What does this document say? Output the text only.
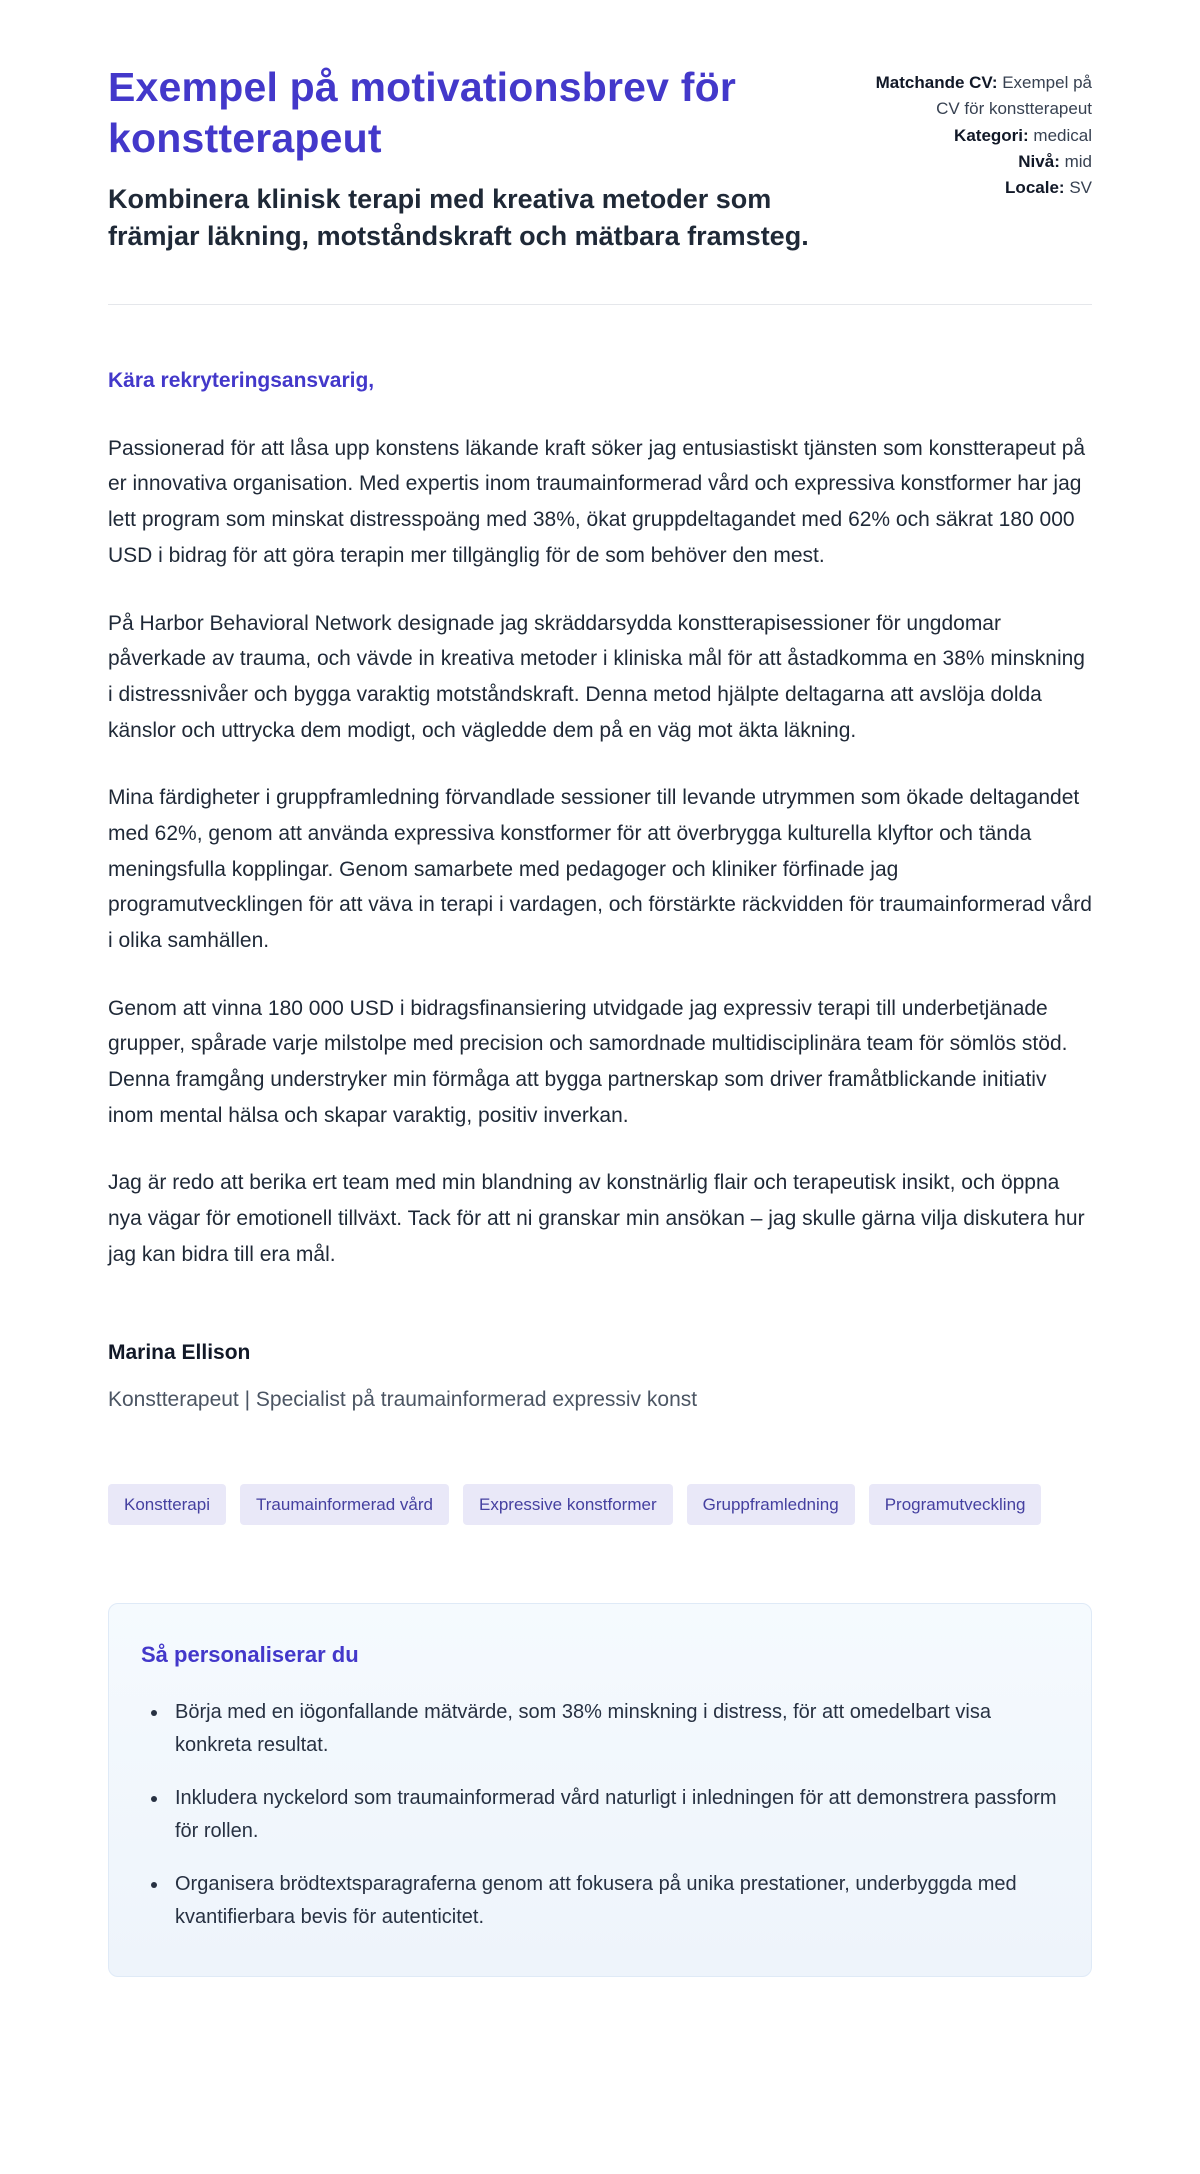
Exempel på motivationsbrev för konstterapeut
Kombinera klinisk terapi med kreativa metoder som främjar läkning, motståndskraft och mätbara framsteg.
Matchande CV: Exempel på CV för konstterapeut
Kategori: medical
Nivå: mid
Locale: SV

Kära rekryteringsansvarig,

Passionerad för att låsa upp konstens läkande kraft söker jag entusiastiskt tjänsten som konstterapeut på er innovativa organisation. Med expertis inom traumainformerad vård och expressiva konstformer har jag lett program som minskat distresspoäng med 38%, ökat gruppdeltagandet med 62% och säkrat 180 000 USD i bidrag för att göra terapin mer tillgänglig för de som behöver den mest.

På Harbor Behavioral Network designade jag skräddarsydda konstterapisessioner för ungdomar påverkade av trauma, och vävde in kreativa metoder i kliniska mål för att åstadkomma en 38% minskning i distressnivåer och bygga varaktig motståndskraft. Denna metod hjälpte deltagarna att avslöja dolda känslor och uttrycka dem modigt, och vägledde dem på en väg mot äkta läkning.

Mina färdigheter i gruppframledning förvandlade sessioner till levande utrymmen som ökade deltagandet med 62%, genom att använda expressiva konstformer för att överbrygga kulturella klyftor och tända meningsfulla kopplingar. Genom samarbete med pedagoger och kliniker förfinade jag programutvecklingen för att väva in terapi i vardagen, och förstärkte räckvidden för traumainformerad vård i olika samhällen.

Genom att vinna 180 000 USD i bidragsfinansiering utvidgade jag expressiv terapi till underbetjänade grupper, spårade varje milstolpe med precision och samordnade multidisciplinära team för sömlös stöd. Denna framgång understryker min förmåga att bygga partnerskap som driver framåtblickande initiativ inom mental hälsa och skapar varaktig, positiv inverkan.

Jag är redo att berika ert team med min blandning av konstnärlig flair och terapeutisk insikt, och öppna nya vägar för emotionell tillväxt. Tack för att ni granskar min ansökan – jag skulle gärna vilja diskutera hur jag kan bidra till era mål.

Marina Ellison

Konstterapeut | Specialist på traumainformerad expressiv konst

Konstterapi	Traumainformerad vård	Expressive konstformer	Gruppframledning	Programutveckling
Så personaliserar du
• Börja med en iögonfallande mätvärde, som 38% minskning i distress, för att omedelbart visa konkreta resultat.
• Inkludera nyckelord som traumainformerad vård naturligt i inledningen för att demonstrera passform för rollen.
• Organisera brödtextsparagraferna genom att fokusera på unika prestationer, underbyggda med kvantifierbara bevis för autenticitet.
